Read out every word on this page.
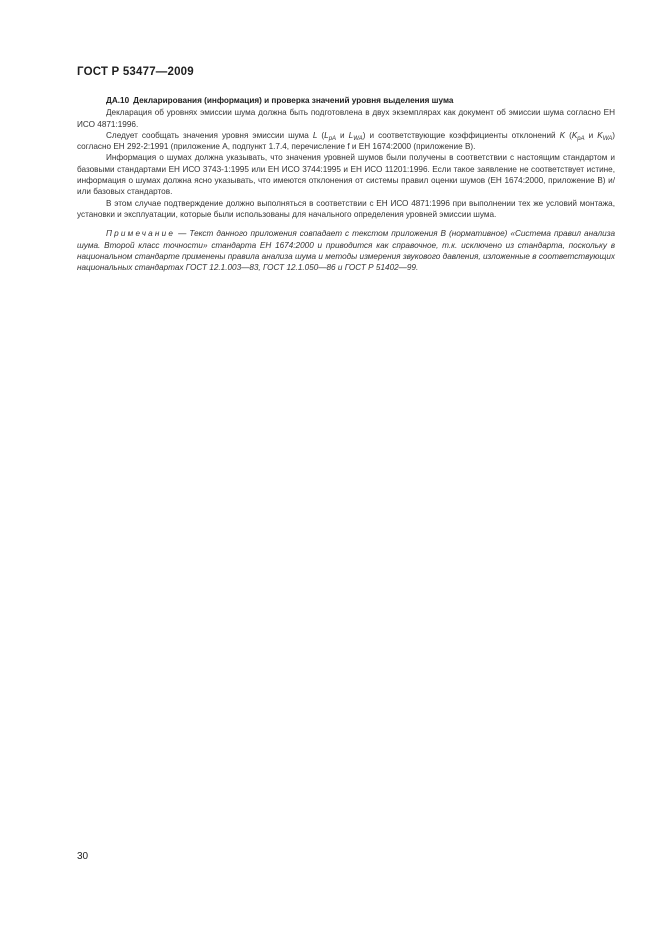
ГОСТ Р 53477—2009
ДА.10 Декларирования (информация) и проверка значений уровня выделения шума

Декларация об уровнях эмиссии шума должна быть подготовлена в двух экземплярах как документ об эмиссии шума согласно ЕН ИСО 4871:1996.

Следует сообщать значения уровня эмиссии шума L ($L_{pA}$ и $L_{WA}$) и соответствующие коэффициенты отклонений K ($K_{pA}$ и $K_{WA}$) согласно ЕН 292-2:1991 (приложение А, подпункт 1.7.4, перечисление f и ЕН 1674:2000 (приложение В).

Информация о шумах должна указывать, что значения уровней шумов были получены в соответствии с настоящим стандартом и базовыми стандартами ЕН ИСО 3743-1:1995 или ЕН ИСО 3744:1995 и ЕН ИСО 11201:1996. Если такое заявление не соответствует истине, информация о шумах должна ясно указывать, что имеются отклонения от системы правил оценки шумов (ЕН 1674:2000, приложение В) и/или базовых стандартов.

В этом случае подтверждение должно выполняться в соответствии с ЕН ИСО 4871:1996 при выполнении тех же условий монтажа, установки и эксплуатации, которые были использованы для начального определения уровней эмиссии шума.

Примечание — Текст данного приложения совпадает с текстом приложения В (нормативное) «Система правил анализа шума. Второй класс точности» стандарта ЕН 1674:2000 и приводится как справочное, т.к. исключено из стандарта, поскольку в национальном стандарте применены правила анализа шума и методы измерения звукового давления, изложенные в соответствующих национальных стандартах ГОСТ 12.1.003—83, ГОСТ 12.1.050—86 и ГОСТ Р 51402—99.

30
